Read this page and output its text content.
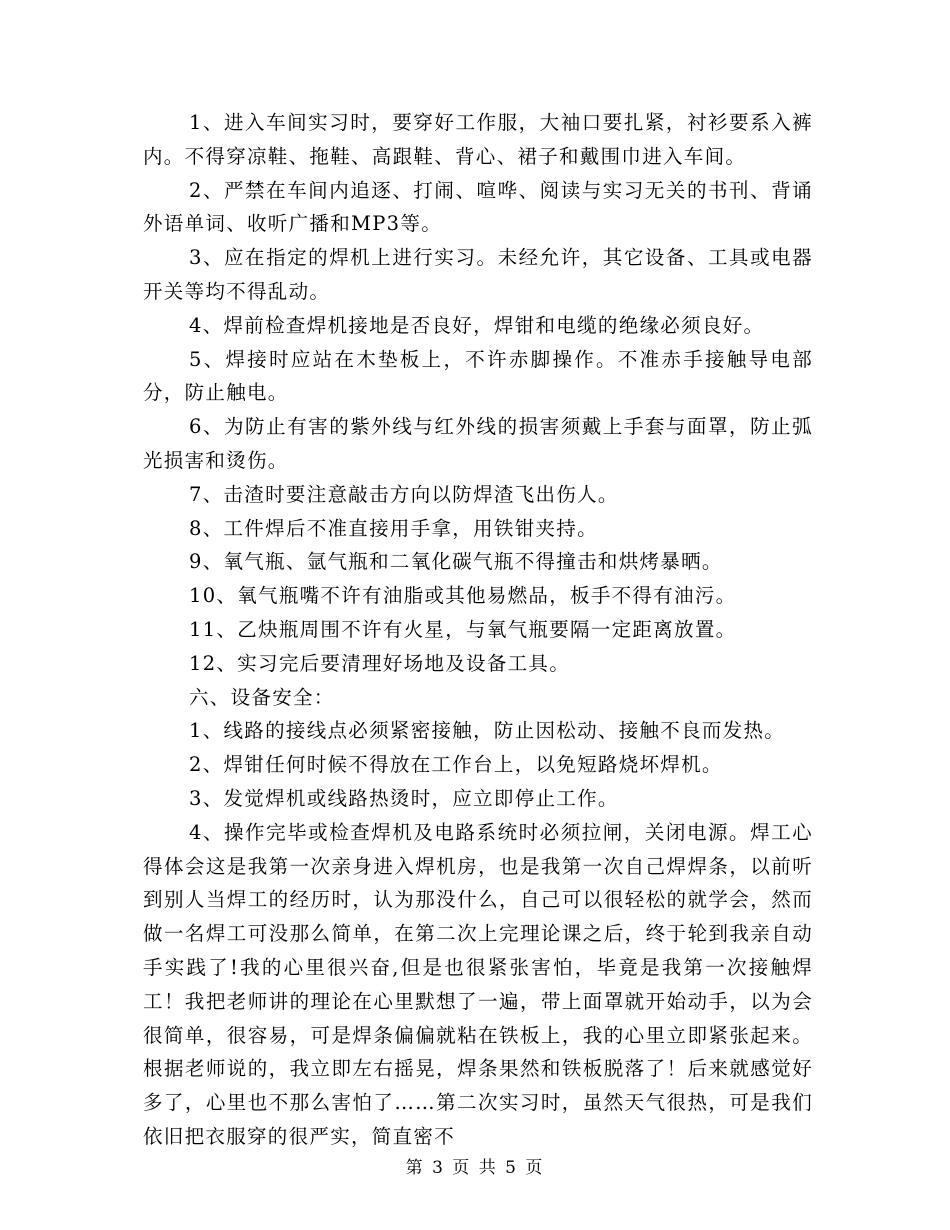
1、进入车间实习时，要穿好工作服，大袖口要扎紧，衬衫要系入裤内。不得穿凉鞋、拖鞋、高跟鞋、背心、裙子和戴围巾进入车间。

2、严禁在车间内追逐、打闹、喧哗、阅读与实习无关的书刊、背诵外语单词、收听广播和MP3等。

3、应在指定的焊机上进行实习。未经允许，其它设备、工具或电器开关等均不得乱动。

4、焊前检查焊机接地是否良好，焊钳和电缆的绝缘必须良好。

5、焊接时应站在木垫板上，不许赤脚操作。不准赤手接触导电部分，防止触电。

6、为防止有害的紫外线与红外线的损害须戴上手套与面罩，防止弧光损害和烫伤。

7、击渣时要注意敲击方向以防焊渣飞出伤人。

8、工件焊后不准直接用手拿，用铁钳夹持。

9、氧气瓶、氩气瓶和二氧化碳气瓶不得撞击和烘烤暴晒。

10、氧气瓶嘴不许有油脂或其他易燃品，板手不得有油污。

11、乙炔瓶周围不许有火星，与氧气瓶要隔一定距离放置。

12、实习完后要清理好场地及设备工具。

六、设备安全：

1、线路的接线点必须紧密接触，防止因松动、接触不良而发热。

2、焊钳任何时候不得放在工作台上，以免短路烧坏焊机。

3、发觉焊机或线路热烫时，应立即停止工作。

4、操作完毕或检查焊机及电路系统时必须拉闸，关闭电源。焊工心得体会这是我第一次亲身进入焊机房，也是我第一次自己焊焊条，以前听到别人当焊工的经历时，认为那没什么，自己可以很轻松的就学会，然而做一名焊工可没那么简单，在第二次上完理论课之后，终于轮到我亲自动手实践了!我的心里很兴奋,但是也很紧张害怕，毕竟是我第一次接触焊工！我把老师讲的理论在心里默想了一遍，带上面罩就开始动手，以为会很简单，很容易，可是焊条偏偏就粘在铁板上，我的心里立即紧张起来。根据老师说的，我立即左右摇晃，焊条果然和铁板脱落了！后来就感觉好多了，心里也不那么害怕了……第二次实习时，虽然天气很热，可是我们依旧把衣服穿的很严实，简直密不

第 3 页 共 5 页
